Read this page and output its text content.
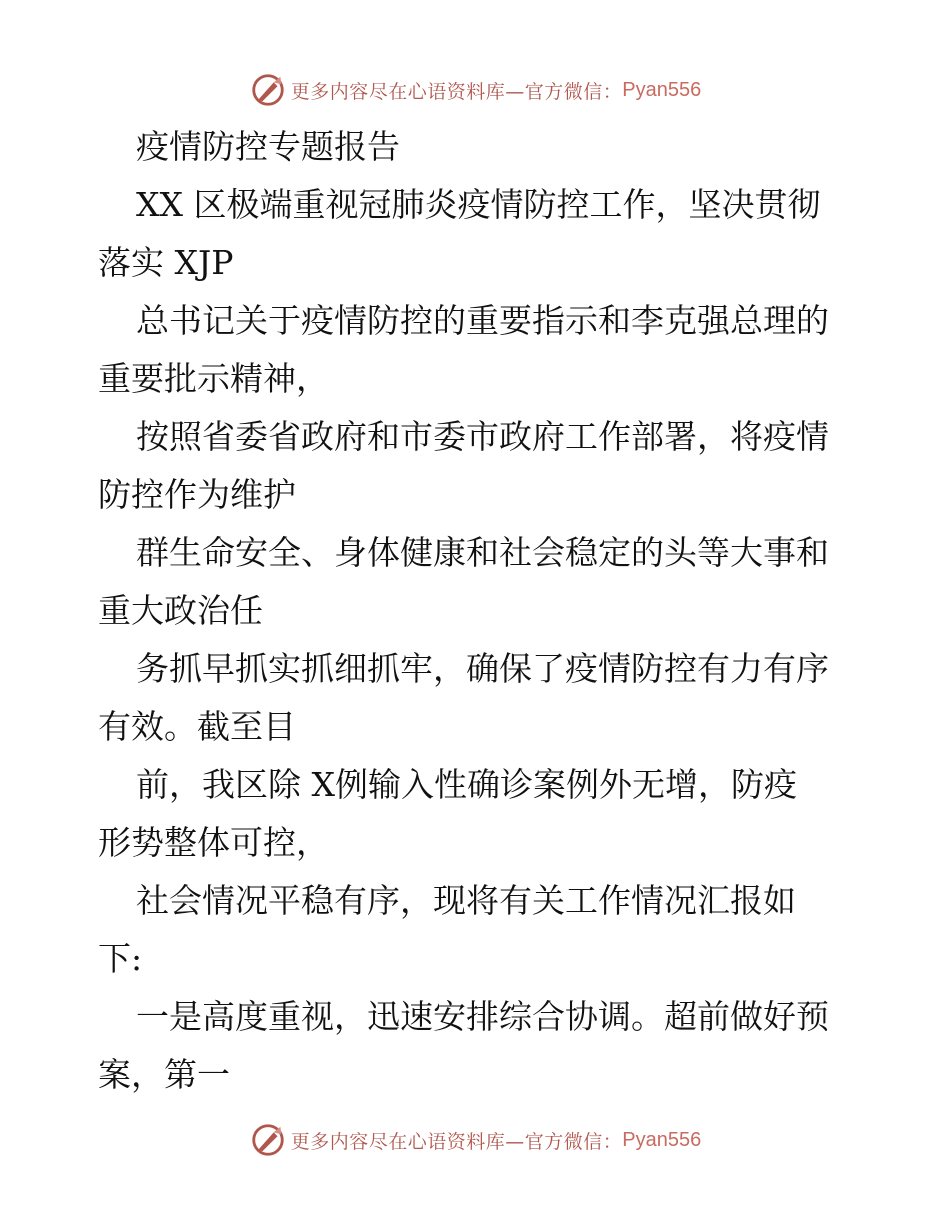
更多内容尽在心语资料库—官方微信： Pyan556
疫情防控专题报告
XX 区极端重视冠肺炎疫情防控工作，坚决贯彻
落实 XJP
总书记关于疫情防控的重要指示和李克强总理的
重要批示精神，
按照省委省政府和市委市政府工作部署，将疫情
防控作为维护
群生命安全、身体健康和社会稳定的头等大事和
重大政治任
务抓早抓实抓细抓牢，确保了疫情防控有力有序
有效。截至目
前，我区除 X例输入性确诊案例外无增，防疫
形势整体可控，
社会情况平稳有序，现将有关工作情况汇报如
下:
一是高度重视，迅速安排综合协调。超前做好预
案，第一
更多内容尽在心语资料库—官方微信： Pyan556
